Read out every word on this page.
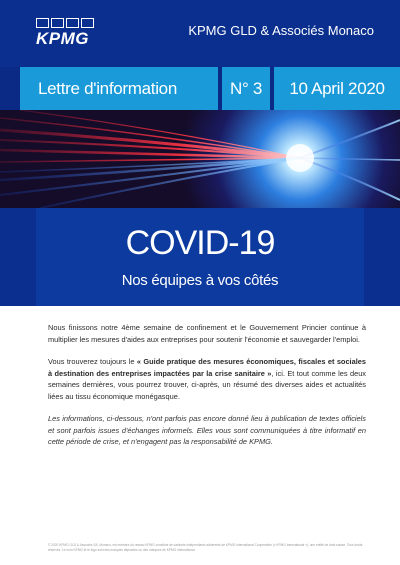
KPMG	KPMG GLD & Associés Monaco
Lettre d'information	N° 3	10 April 2020
COVID-19
Nos équipes à vos côtés

Nous finissons notre 4ème semaine de confinement et le Gouvernement Princier continue à multiplier les mesures d'aides aux entreprises pour soutenir l'économie et sauvegarder l'emploi.

Vous trouverez toujours le « Guide pratique des mesures économiques, fiscales et sociales à destination des entreprises impactées par la crise sanitaire », ici. Et tout comme les deux semaines dernières, vous pourrez trouver, ci-après, un résumé des diverses aides et actualités liées au tissu économique monégasque.

Les informations, ci-dessous, n'ont parfois pas encore donné lieu à publication de textes officiels et sont parfois issues d'échanges informels. Elles vous sont communiquées à titre informatif en cette période de crise, et n'engagent pas la responsabilité de KPMG.

© 2020 KPMG GLD & Associés SA, Monaco, est membre du réseau KPMG constitué de cabinets indépendants adhérents de KPMG International Cooperative (« KPMG International »), une entité de droit suisse. Tous droits réservés. Le nom KPMG et le logo sont des marques déposées ou des marques de KPMG International.
